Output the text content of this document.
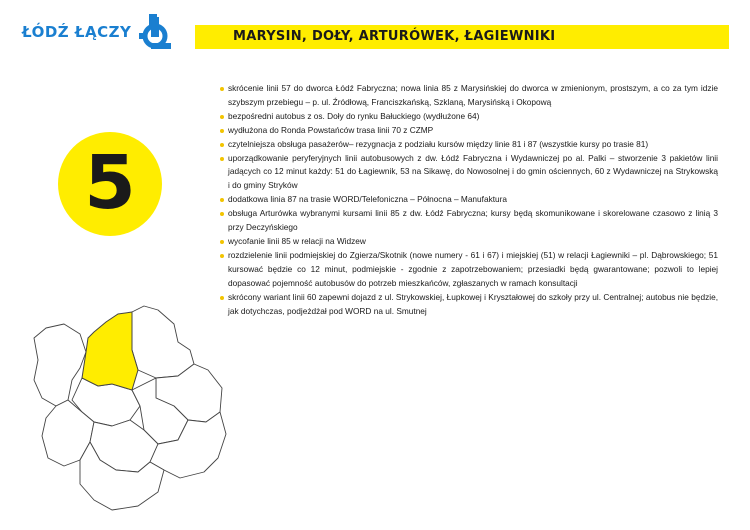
ŁÓDŹ ŁĄCZY	MARYSIN, DOŁY, ARTURÓWEK, ŁAGIEWNIKI
5
skrócenie linii 57 do dworca Łódź Fabryczna; nowa linia 85 z Marysińskiej do dworca w zmienionym, prostszym, a co za tym idzie szybszym przebiegu – p. ul. Źródłową, Franciszkańską, Szklaną, Marysińską i Okopową
bezpośredni autobus z os. Doły do rynku Bałuckiego (wydłużone 64)
wydłużona do Ronda Powstańców trasa linii 70 z CZMP
czytelniejsza obsługa pasażerów– rezygnacja z podziału kursów między linie 81 i 87 (wszystkie kursy po trasie 81)
uporządkowanie peryferyjnych linii autobusowych z dw. Łódź Fabryczna i Wydawniczej po al. Palki – stworzenie 3 pakietów linii jadących co 12 minut każdy: 51 do Łagiewnik, 53 na Sikawę, do Nowosolnej i do gmin ościennych, 60 z Wydawniczej na Strykowską i do gminy Stryków
dodatkowa linia 87 na trasie WORD/Telefoniczna – Północna – Manufaktura
obsługa Arturówka wybranymi kursami linii 85 z dw. Łódź Fabryczna; kursy będą skomunikowane i skorelowane czasowo z linią 3 przy Deczyńskiego
wycofanie linii 85 w relacji na Widzew
rozdzielenie linii podmiejskiej do Zgierza/Skotnik (nowe numery - 61 i 67) i miejskiej (51) w relacji Łagiewniki – pl. Dąbrowskiego; 51 kursować będzie co 12 minut, podmiejskie - zgodnie z zapotrzebowaniem; przesiadki będą gwarantowane; pozwoli to lepiej dopasować pojemność autobusów do potrzeb mieszkańców, zgłaszanych w ramach konsultacji
skrócony wariant linii 60 zapewni dojazd z ul. Strykowskiej, Łupkowej i Kryształowej do szkoły przy ul. Centralnej; autobus nie będzie, jak dotychczas, podjeżdżał pod WORD na ul. Smutnej
